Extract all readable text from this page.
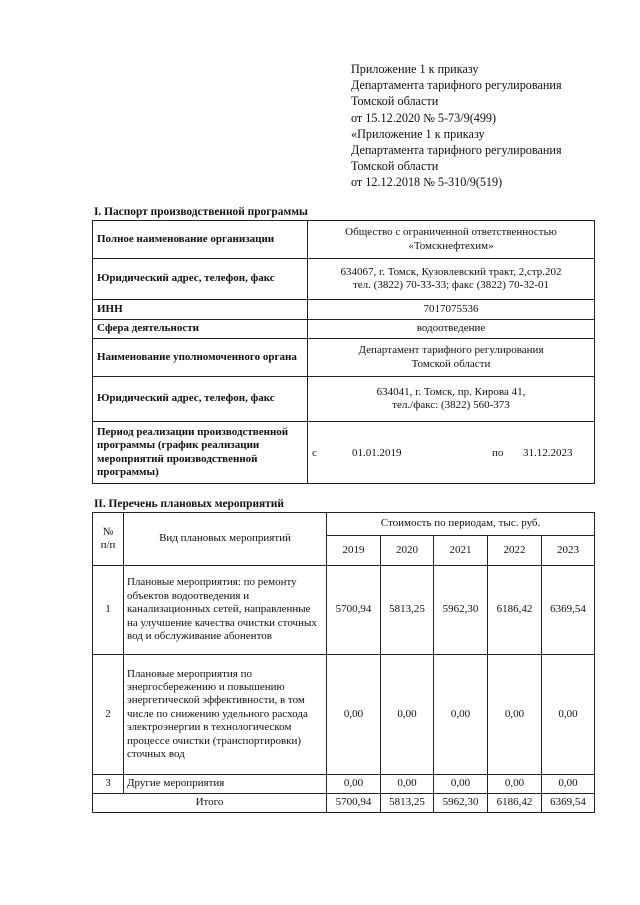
Приложение 1 к приказу
Департамента тарифного регулирования
Томской области
от 15.12.2020 № 5-73/9(499)
«Приложение 1 к приказу
Департамента тарифного регулирования
Томской области
от 12.12.2018 № 5-310/9(519)
I. Паспорт производственной программы
Полное наименование организации	Общество с ограниченной ответственностью
«Томскнефтехим»

Юридический адрес, телефон, факс	634067, г. Томск, Кузовлевский тракт, 2,стр.202
тел. (3822) 70-33-33; факс (3822) 70-32-01

ИНН	7017075536
Сфера деятельности	водоотведение
Наименование уполномоченного органа	Департамент тарифного регулирования
Томской области

Юридический адрес, телефон, факс	634041, г. Томск, пр. Кирова 41,
тел./факс: (3822) 560-373

Период реализации производственной программы (график реализации мероприятий производственной программы)	с 01.01.2019 по 31.12.2023
II. Перечень плановых мероприятий
№ п/п	Вид плановых мероприятий	Стоимость по периодам, тыс. руб.				
		2019	2020	2021	2022	2023
1	Плановые мероприятия: по ремонту объектов водоотведения и канализационных сетей, направленные на улучшение качества очистки сточных вод и обслуживание абонентов	5700,94	5813,25	5962,30	6186,42	6369,54
2	Плановые мероприятия по энергосбережению и повышению энергетической эффективности, в том числе по снижению удельного расхода электроэнергии в технологическом процессе очистки (транспортировки) сточных вод	0,00	0,00	0,00	0,00	0,00
3	Другие мероприятия	0,00	0,00	0,00	0,00	0,00
Итого		5700,94	5813,25	5962,30	6186,42	6369,54
